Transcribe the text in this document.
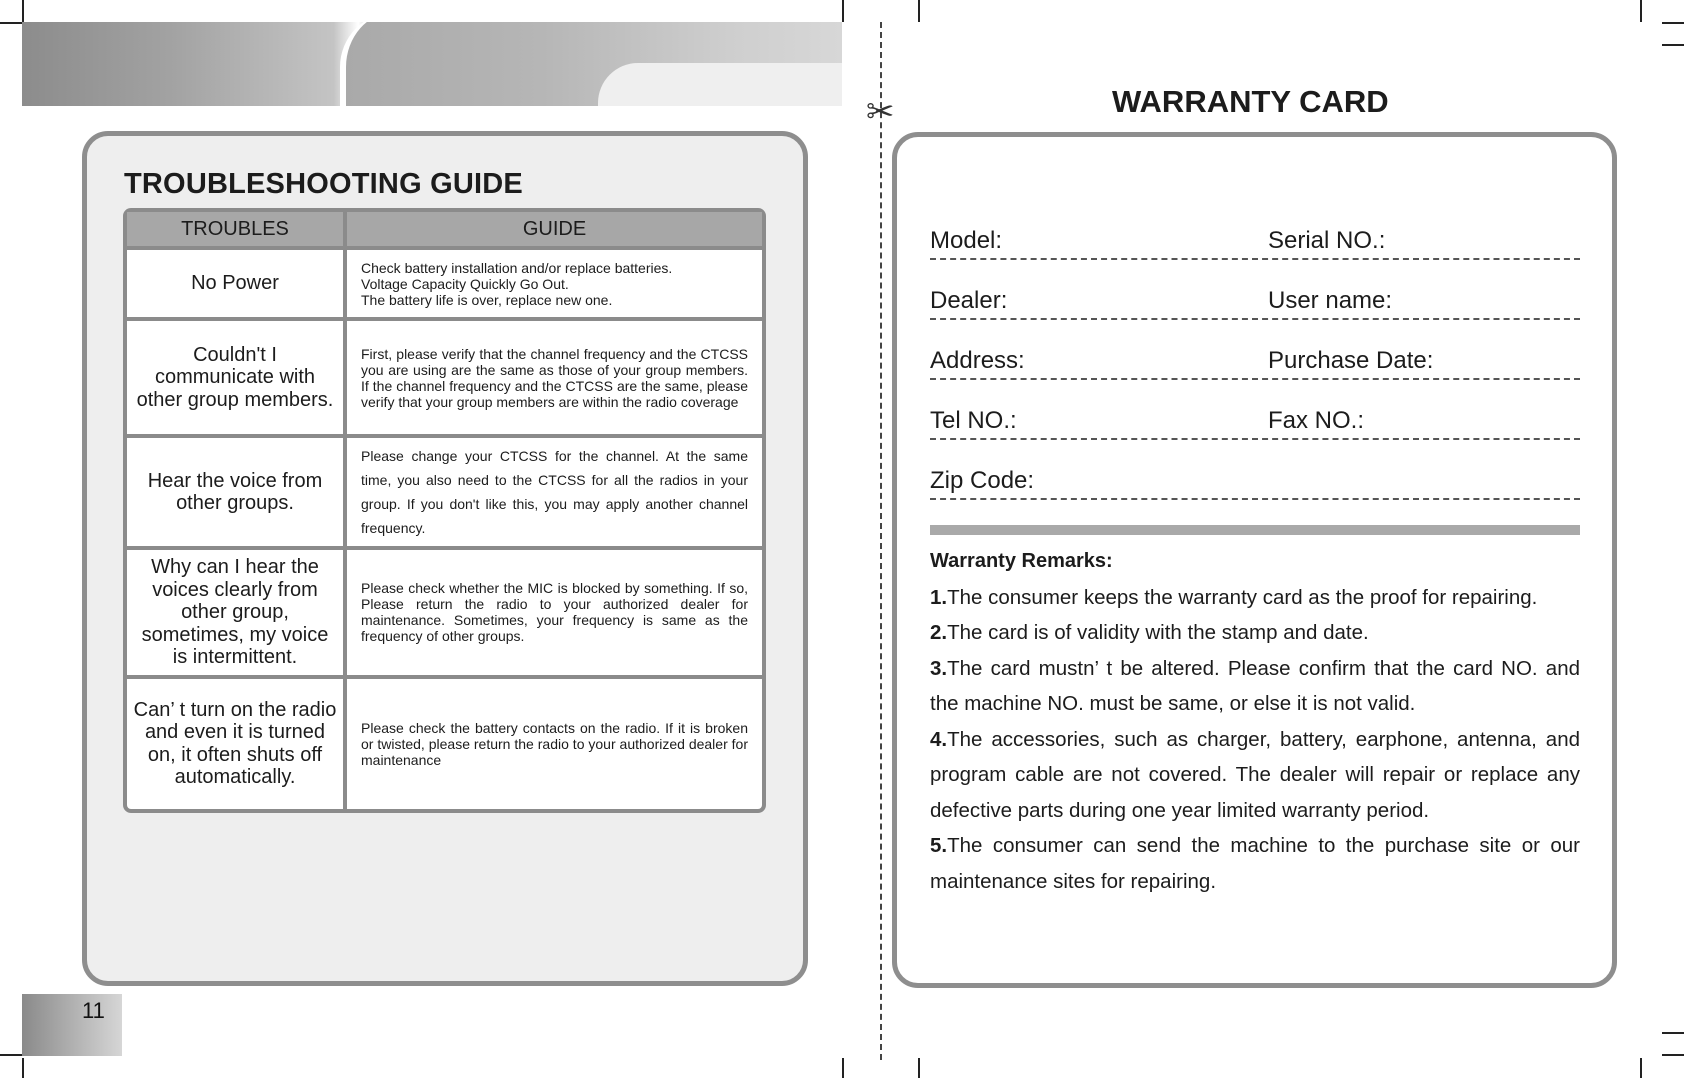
TROUBLESHOOTING GUIDE
TROUBLES	GUIDE
No Power	Check battery installation and/or replace batteries.
Voltage Capacity Quickly Go Out.
The battery life is over, replace new one.
Couldn't I communicate with other group members.	First, please verify that the channel frequency and the CTCSS you are using are the same as those of your group members. If the channel frequency and the CTCSS are the same, please verify that your group members are within the radio coverage
Hear the voice from other groups.	Please change your CTCSS for the channel. At the same time, you also need to the CTCSS for all the radios in your group. If you don't like this, you may apply another channel frequency.
Why can I hear the voices clearly from other group, sometimes, my voice is intermittent.	Please check whether the MIC is blocked by something. If so, Please return the radio to your authorized dealer for maintenance. Sometimes, your frequency is same as the frequency of other groups.
Can’ t turn on the radio and even it is turned on, it often shuts off automatically.	Please check the battery contacts on the radio. If it is broken or twisted, please return the radio to your authorized dealer for maintenance
11
✂	WARRANTY CARD
Model:	Serial NO.:
Dealer:	User name:
Address:	Purchase Date:
Tel NO.:	Fax NO.:
Zip Code:

Warranty Remarks:

1.The consumer keeps the warranty card as the proof for repairing.

2.The card is of validity with the stamp and date.

3.The card mustn’ t be altered. Please confirm that the card NO. and the machine NO. must be same, or else it is not valid.

4.The accessories, such as charger, battery, earphone, antenna, and program cable are not covered. The dealer will repair or replace any defective parts during one year limited warranty period.

5.The consumer can send the machine to the purchase site or our maintenance sites for repairing.
